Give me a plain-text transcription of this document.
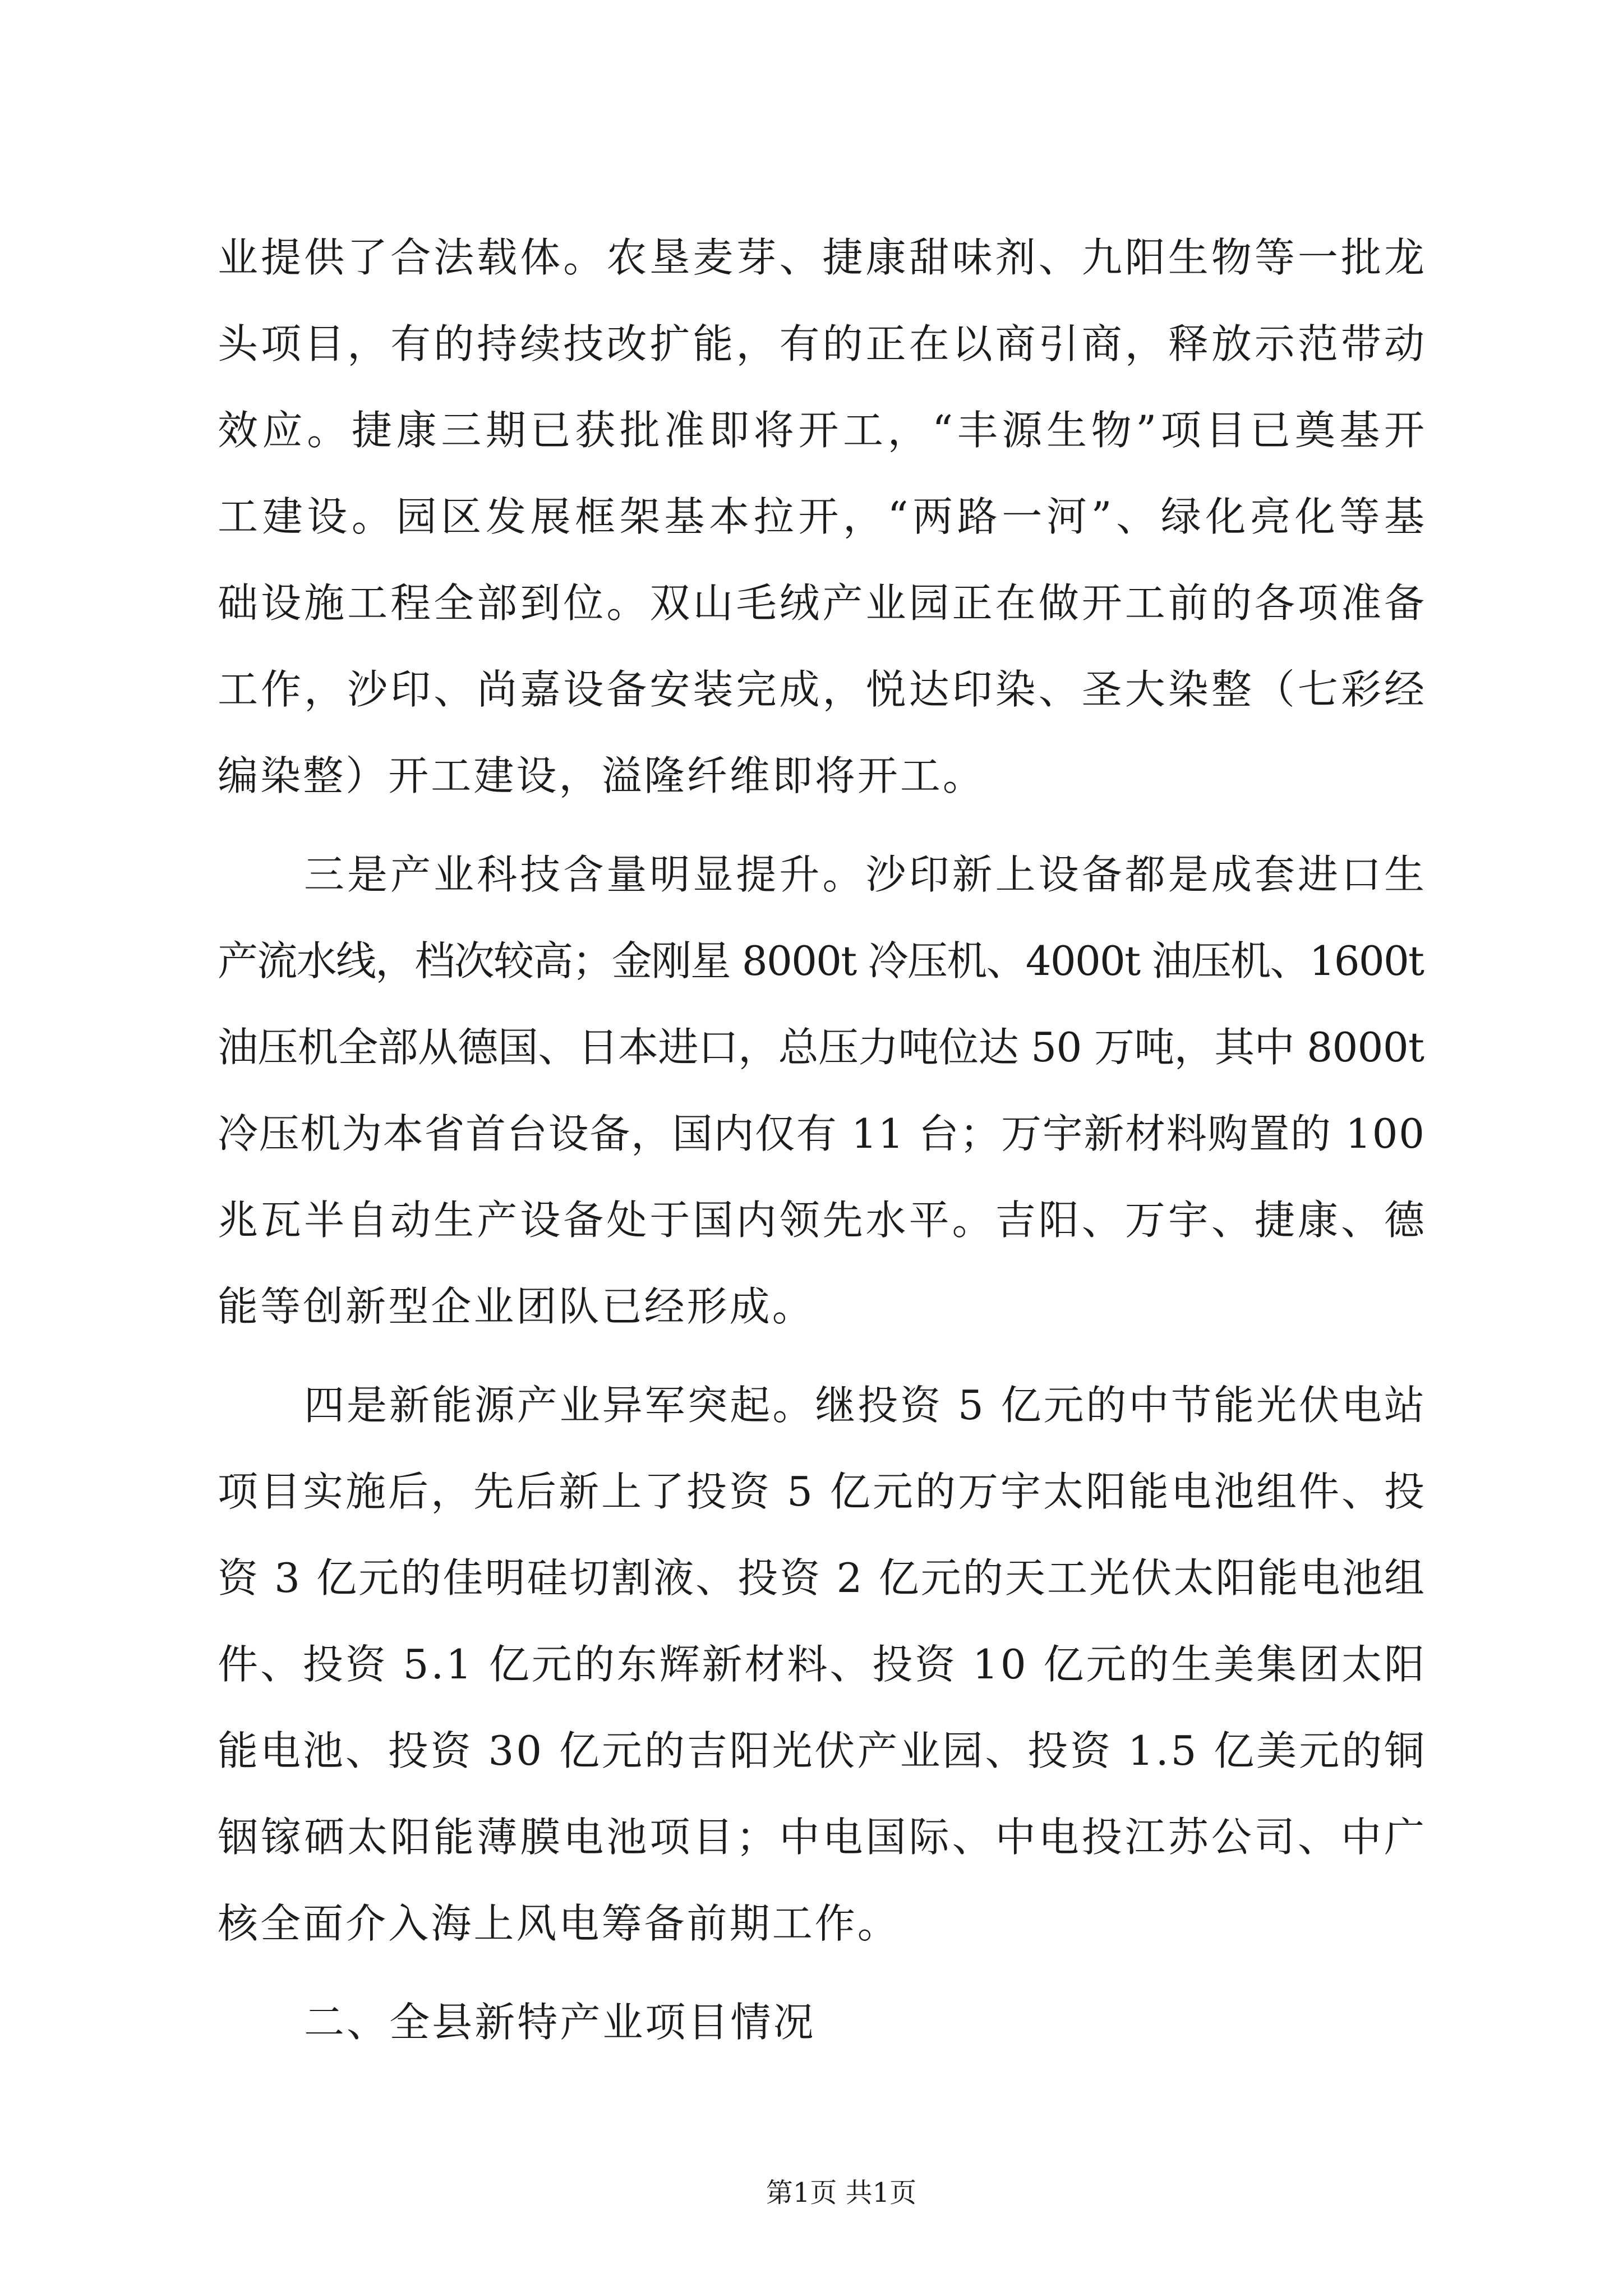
业提供了合法载体。农垦麦芽、捷康甜味剂、九阳生物等一批龙
头项目，有的持续技改扩能，有的正在以商引商，释放示范带动
效应。捷康三期已获批准即将开工，“丰源生物”项目已奠基开
工建设。园区发展框架基本拉开，“两路一河”、绿化亮化等基
础设施工程全部到位。双山毛绒产业园正在做开工前的各项准备
工作，沙印、尚嘉设备安装完成，悦达印染、圣大染整（七彩经
编染整）开工建设，溢隆纤维即将开工。
三是产业科技含量明显提升。沙印新上设备都是成套进口生
产流水线，档次较高；金刚星 8000t 冷压机、4000t 油压机、1600t
油压机全部从德国、日本进口，总压力吨位达 50 万吨，其中 8000t
冷压机为本省首台设备，国内仅有 11 台；万宇新材料购置的 100
兆瓦半自动生产设备处于国内领先水平。吉阳、万宇、捷康、德
能等创新型企业团队已经形成。
四是新能源产业异军突起。继投资 5 亿元的中节能光伏电站
项目实施后，先后新上了投资 5 亿元的万宇太阳能电池组件、投
资 3 亿元的佳明硅切割液、投资 2 亿元的天工光伏太阳能电池组
件、投资 5.1 亿元的东辉新材料、投资 10 亿元的生美集团太阳
能电池、投资 30 亿元的吉阳光伏产业园、投资 1.5 亿美元的铜
铟镓硒太阳能薄膜电池项目；中电国际、中电投江苏公司、中广
核全面介入海上风电筹备前期工作。
二、全县新特产业项目情况
第1页 共1页
